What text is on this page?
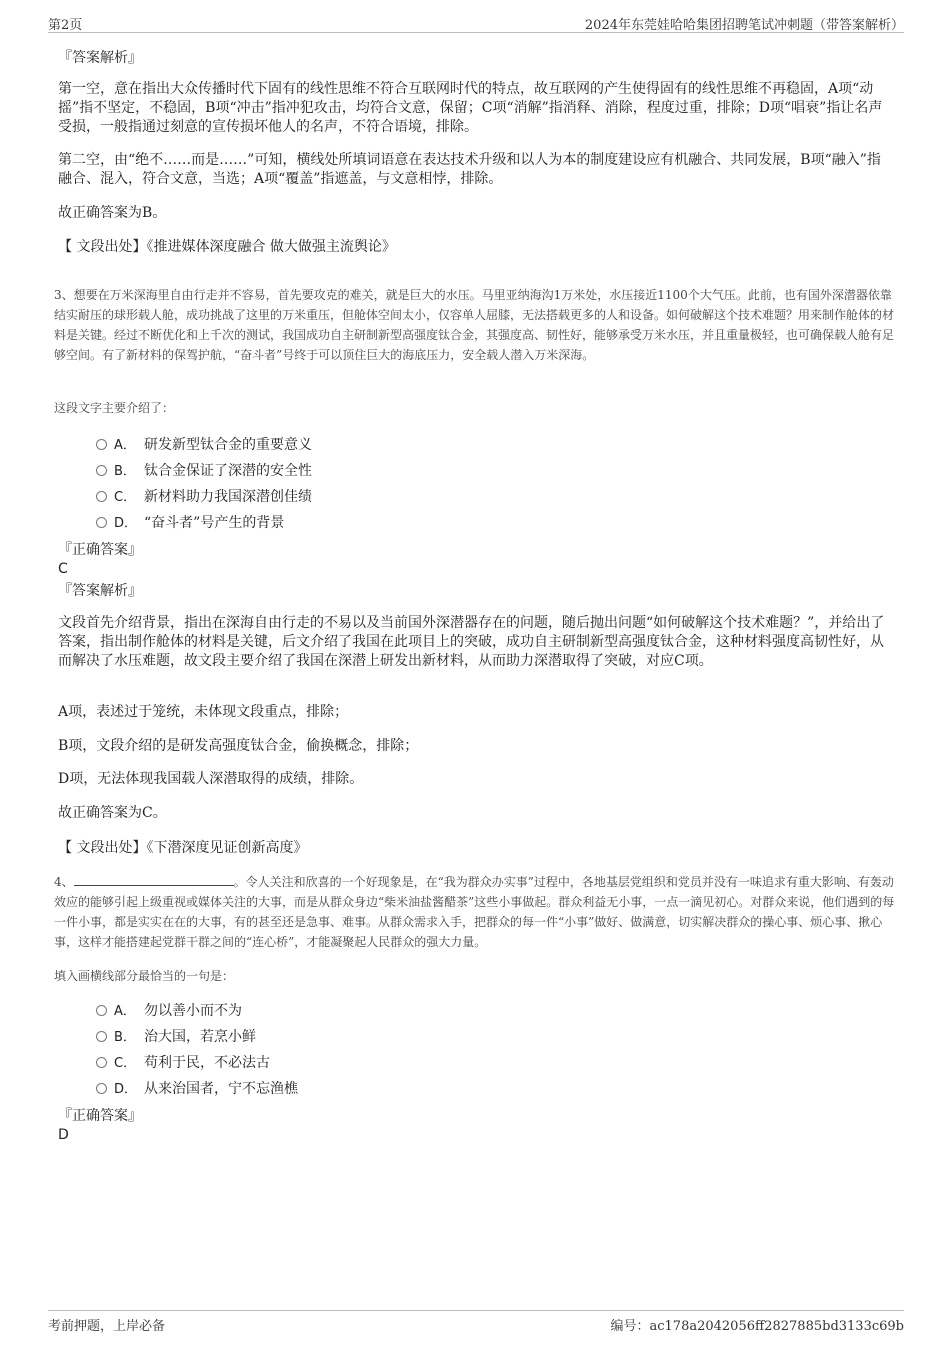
第2页	2024年东莞娃哈哈集团招聘笔试冲刺题（带答案解析）
『答案解析』

第一空，意在指出大众传播时代下固有的线性思维不符合互联网时代的特点，故互联网的产生使得固有的线性思维不再稳固，A项“动摇”指不坚定，不稳固，B项“冲击”指冲犯攻击，均符合文意，保留；C项“消解”指消释、消除，程度过重，排除；D项“唱衰”指让名声受损，一般指通过刻意的宣传损坏他人的名声，不符合语境，排除。

第二空，由“绝不……而是……”可知，横线处所填词语意在表达技术升级和以人为本的制度建设应有机融合、共同发展，B项“融入”指融合、混入，符合文意，当选；A项“覆盖”指遮盖，与文意相悖，排除。

故正确答案为B。
【 文段出处】《推进媒体深度融合 做大做强主流舆论》

3、想要在万米深海里自由行走并不容易，首先要攻克的难关，就是巨大的水压。马里亚纳海沟1万米处，水压接近1100个大气压。此前，也有国外深潜器依靠结实耐压的球形载人舱，成功挑战了这里的万米重压，但舱体空间太小，仅容单人屈膝，无法搭载更多的人和设备。如何破解这个技术难题？用来制作舱体的材料是关键。经过不断优化和上千次的测试，我国成功自主研制新型高强度钛合金，其强度高、韧性好，能够承受万米水压，并且重量极轻，也可确保载人舱有足够空间。有了新材料的保驾护航，“奋斗者”号终于可以顶住巨大的海底压力，安全载人潜入万米深海。

这段文字主要介绍了：
A． 研发新型钛合金的重要意义
B． 钛合金保证了深潜的安全性
C． 新材料助力我国深潜创佳绩
D． “奋斗者”号产生的背景
『正确答案』
C
『答案解析』

文段首先介绍背景，指出在深海自由行走的不易以及当前国外深潜器存在的问题，随后抛出问题“如何破解这个技术难题？”，并给出了答案，指出制作舱体的材料是关键，后文介绍了我国在此项目上的突破，成功自主研制新型高强度钛合金，这种材料强度高韧性好，从而解决了水压难题，故文段主要介绍了我国在深潜上研发出新材料，从而助力深潜取得了突破，对应C项。

A项，表述过于笼统，未体现文段重点，排除；
B项，文段介绍的是研发高强度钛合金，偷换概念，排除；
D项，无法体现我国载人深潜取得的成绩，排除。
故正确答案为C。
【 文段出处】《下潜深度见证创新高度》

4、	。令人关注和欣喜的一个好现象是，在“我为群众办实事”过程中，各地基层党组织和党员并没有一味追求有重大影响、有轰动效应的能够引起上级重视或媒体关注的大事，而是从群众身边“柴米油盐酱醋茶”这些小事做起。群众利益无小事，一点一滴见初心。对群众来说，他们遇到的每一件小事，都是实实在在的大事，有的甚至还是急事、难事。从群众需求入手，把群众的每一件“小事”做好、做满意，切实解决群众的操心事、烦心事、揪心事，这样才能搭建起党群干群之间的“连心桥”，才能凝聚起人民群众的强大力量。

填入画横线部分最恰当的一句是：
A． 勿以善小而不为
B． 治大国，若烹小鲜
C． 苟利于民，不必法古
D． 从来治国者，宁不忘渔樵
『正确答案』
D
考前押题，上岸必备	编号：ac178a2042056ff2827885bd3133c69b
